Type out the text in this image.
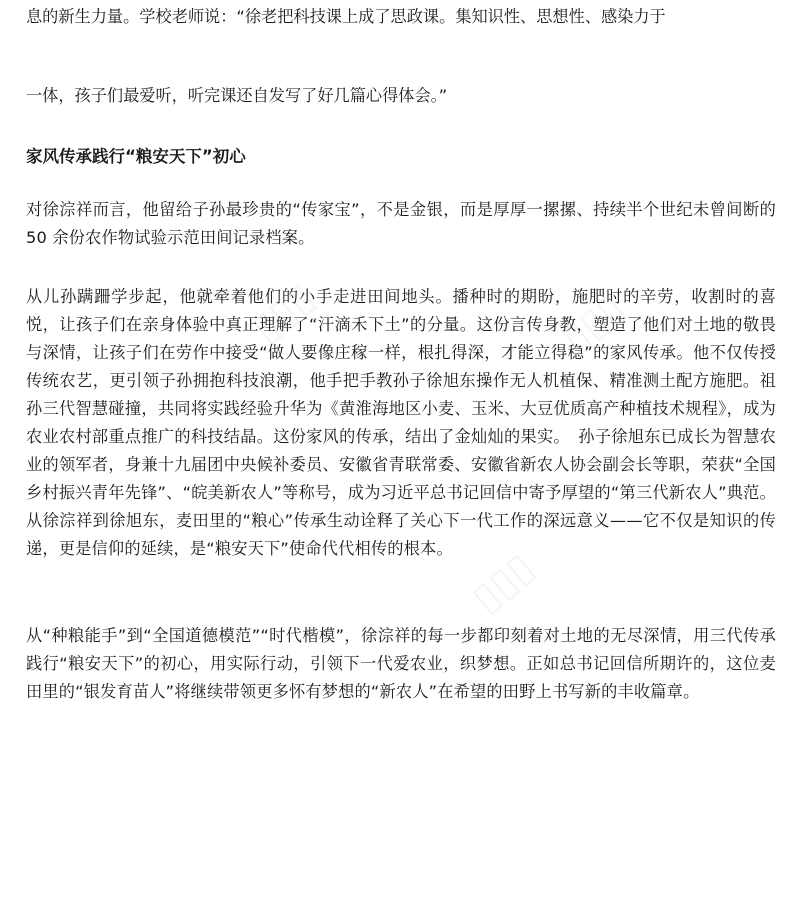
息的新生力量。学校老师说：“徐老把科技课上成了思政课。集知识性、思想性、感染力于

一体，孩子们最爱听，听完课还自发写了好几篇心得体会。”

家风传承践行“粮安天下”初心

对徐淙祥而言，他留给子孙最珍贵的“传家宝”，不是金银，而是厚厚一摞摞、持续半个世纪未曾间断的 50 余份农作物试验示范田间记录档案。

从儿孙蹒跚学步起，他就牵着他们的小手走进田间地头。播种时的期盼，施肥时的辛劳，收割时的喜悦，让孩子们在亲身体验中真正理解了“汗滴禾下土”的分量。这份言传身教，塑造了他们对土地的敬畏与深情，让孩子们在劳作中接受“做人要像庄稼一样，根扎得深，才能立得稳”的家风传承。他不仅传授传统农艺，更引领子孙拥抱科技浪潮，他手把手教孙子徐旭东操作无人机植保、精准测土配方施肥。祖孙三代智慧碰撞，共同将实践经验升华为《黄淮海地区小麦、玉米、大豆优质高产种植技术规程》，成为农业农村部重点推广的科技结晶。这份家风的传承，结出了金灿灿的果实。　孙子徐旭东已成长为智慧农业的领军者，身兼十九届团中央候补委员、安徽省青联常委、安徽省新农人协会副会长等职，荣获“全国乡村振兴青年先锋”、“皖美新农人”等称号，成为习近平总书记回信中寄予厚望的“第三代新农人”典范。从徐淙祥到徐旭东，麦田里的“粮心”传承生动诠释了关心下一代工作的深远意义——它不仅是知识的传递，更是信仰的延续，是“粮安天下”使命代代相传的根本。

从“种粮能手”到“全国道德模范”“时代楷模”，徐淙祥的每一步都印刻着对土地的无尽深情，用三代传承践行“粮安天下”的初心，用实际行动，引领下一代爱农业，织梦想。正如总书记回信所期许的，这位麦田里的“银发育苗人”将继续带领更多怀有梦想的“新农人”在希望的田野上书写新的丰收篇章。

▯▯▯	▯▯▯
▯▯▯
